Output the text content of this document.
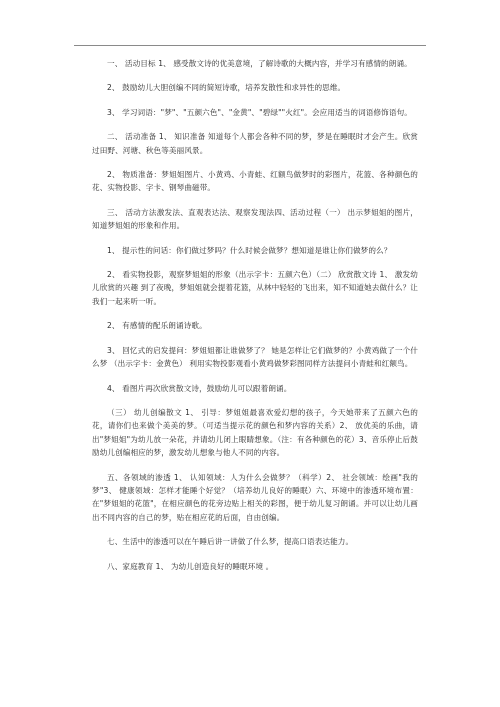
一、 活动目标 1、 感受散文诗的优美意境，了解诗歌的大概内容，并学习有感情的朗诵。

2、 鼓励幼儿大胆创编不同的简短诗歌，培养发散性和求异性的思维。

3、 学习词语："梦"、"五颜六色"、"金黄"、"碧绿""火红"。会应用适当的词语修饰语句。

二、 活动准备 1、 知识准备 知道每个人都会各种不同的梦，梦是在睡眠时才会产生。欣赏过田野、河塘、秋色等美丽风景。

2、 物质准备：梦姐姐图片、小黄鸡、小青蛙、红额鸟做梦时的彩图片，花篮、各种颜色的花、实物投影、字卡、钢琴曲磁带。

三、 活动方法激发法、直观表达法、观察发现法四、活动过程（一） 出示梦姐姐的图片，知道梦姐姐的形象和作用。

1、 提示性的问话：你们做过梦吗？什么时候会做梦？想知道是谁让你们做梦的么？

2、 看实物投影，观察梦姐姐的形象（出示字卡：五颜六色）（二） 欣赏散文诗 1、 激发幼儿欣赏的兴趣 到了夜晚，梦姐姐就会提着花篮，从林中轻轻的飞出来，知不知道她去做什么？让我们一起来听一听。

2、 有感情的配乐朗诵诗歌。

3、 回忆式的启发提问：梦姐姐都让谁做梦了？ 她是怎样让它们做梦的？小黄鸡做了一个什么梦 （出示字卡：金黄色） 利用实物投影观看小黄鸡做梦彩图同样方法提问小青蛙和红额鸟。

4、 看图片再次欣赏散文诗，鼓励幼儿可以跟着朗诵。

（三） 幼儿创编散文 1、 引导：梦姐姐最喜欢爱幻想的孩子，今天她带来了五颜六色的花，请你们也来做个美美的梦。（可适当提示花的颜色和梦内容的关系）2、 放优美的乐曲，请出"梦姐姐"为幼儿放一朵花，并请幼儿闭上眼睛想象。（注：有各种颜色的花）3、音乐停止后鼓励幼儿创编相应的梦，激发幼儿想象与他人不同的内容。

五、各领域的渗透 1、 认知领域：人为什么会做梦？（科学）2、 社会领域：绘画"我的梦"3、 健康领域：怎样才能睡个好觉？（培养幼儿良好的睡眠）六、环境中的渗透环境布置：在"梦姐姐的花篮"，在相应颜色的花旁边贴上相关的彩图，便于幼儿复习朗诵。并可以让幼儿画出不同内容的自己的梦，贴在相应花的后面，自由创编。

七、生活中的渗透可以在午睡后讲一讲做了什么梦，提高口语表达能力。

八、家庭教育 1、 为幼儿创造良好的睡眠环境 。
